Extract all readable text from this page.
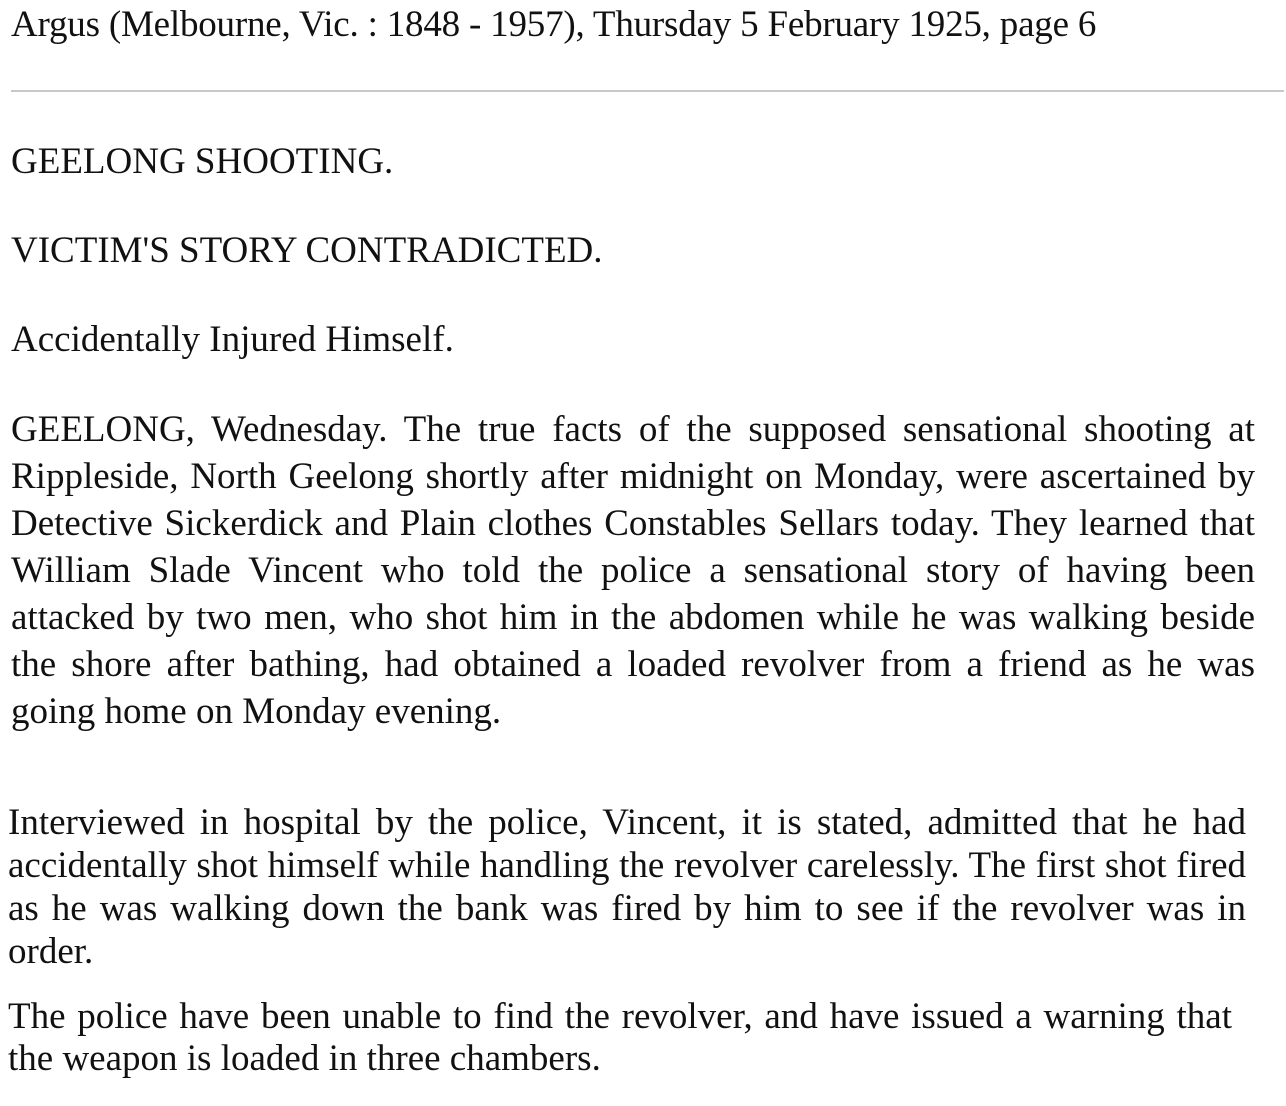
Argus (Melbourne, Vic. : 1848 - 1957), Thursday 5 February 1925, page 6
GEELONG SHOOTING.
VICTIM'S STORY CONTRADICTED.
Accidentally Injured Himself.

GEELONG, Wednesday. The true facts of the supposed sensational shooting at Rippleside, North Geelong shortly after midnight on Monday, were ascertained by Detective Sickerdick and Plain clothes Constables Sellars today. They learned that William Slade Vincent who told the police a sensational story of having been attacked by two men, who shot him in the abdomen while he was walking beside the shore after bathing, had obtained a loaded revolver from a friend as he was going home on Monday evening.

Interviewed in hospital by the police, Vincent, it is stated, admitted that he had accidentally shot himself while handling the revolver carelessly. The first shot fired as he was walking down the bank was fired by him to see if the revolver was in order.

The police have been unable to find the revolver, and have issued a warning that the weapon is loaded in three chambers.
